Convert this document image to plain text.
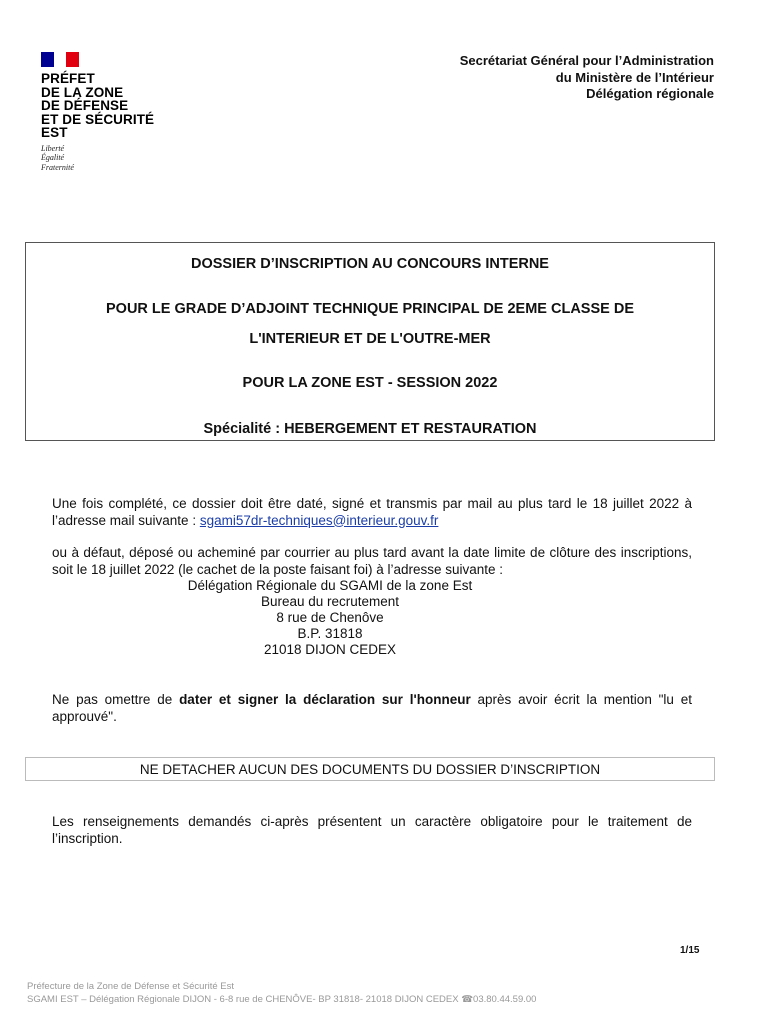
PRÉFET
DE LA ZONE
DE DÉFENSE
ET DE SÉCURITÉ
EST
Liberté
Égalité
Fraternité
Secrétariat Général pour l’Administration
du Ministère de l’Intérieur
Délégation régionale
DOSSIER D’INSCRIPTION AU CONCOURS INTERNE
POUR LE GRADE D’ADJOINT TECHNIQUE PRINCIPAL DE 2EME CLASSE DE
L'INTERIEUR ET DE L'OUTRE-MER
POUR LA ZONE EST - SESSION 2022
Spécialité : HEBERGEMENT ET RESTAURATION
Une fois complété, ce dossier doit être daté, signé et transmis par mail au plus tard le 18 juillet 2022 à l’adresse mail suivante : sgami57dr-techniques@interieur.gouv.fr
ou à défaut, déposé ou acheminé par courrier au plus tard avant la date limite de clôture des inscriptions, soit le 18 juillet 2022 (le cachet de la poste faisant foi) à l’adresse suivante :
Délégation Régionale du SGAMI de la zone Est
Bureau du recrutement
8 rue de Chenôve
B.P. 31818
21018 DIJON CEDEX
Ne pas omettre de dater et signer la déclaration sur l'honneur après avoir écrit la mention "lu et approuvé".
NE DETACHER AUCUN DES DOCUMENTS DU DOSSIER D’INSCRIPTION
Les renseignements demandés ci-après présentent un caractère obligatoire pour le traitement de l’inscription.
1/15
Préfecture de la Zone de Défense et Sécurité Est
SGAMI EST – Délégation Régionale DIJON - 6-8 rue de CHENÔVE- BP 31818- 21018 DIJON CEDEX ☎03.80.44.59.00
